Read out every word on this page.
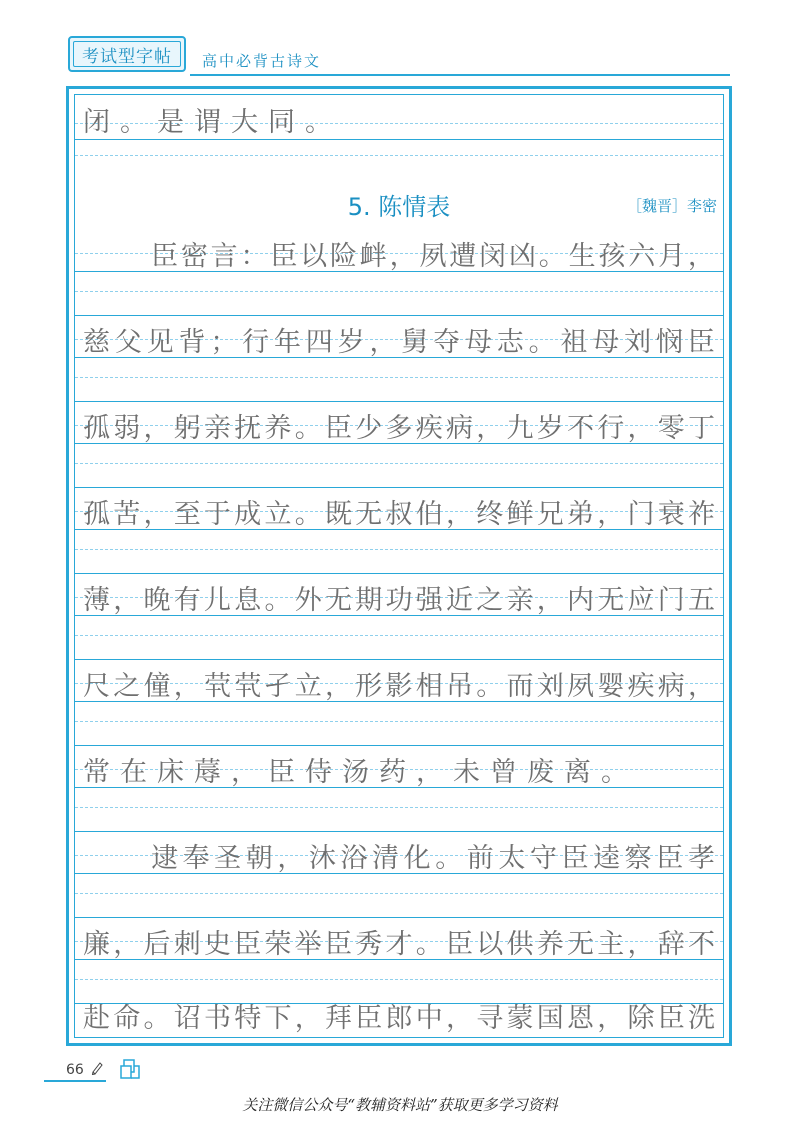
考试型字帖	高中必背古诗文
闭 。 是 谓 大 同 。
5. 陈情表	［魏晋］李密
臣 密 言 ： 臣 以 险 衅 ， 夙 遭 闵 凶 。 生 孩 六 月 ，
慈 父 见 背 ； 行 年 四 岁 ， 舅 夺 母 志 。 祖 母 刘 悯 臣
孤 弱 ， 躬 亲 抚 养 。 臣 少 多 疾 病 ， 九 岁 不 行 ， 零 丁
孤 苦 ， 至 于 成 立 。 既 无 叔 伯 ， 终 鲜 兄 弟 ， 门 衰 祚
薄 ， 晚 有 儿 息 。 外 无 期 功 强 近 之 亲 ， 内 无 应 门 五
尺 之 僮 ， 茕 茕 孑 立 ， 形 影 相 吊 。 而 刘 夙 婴 疾 病 ，
常 在 床 蓐 ， 臣 侍 汤 药 ， 未 曾 废 离 。
逮 奉 圣 朝 ， 沐 浴 清 化 。 前 太 守 臣 逵 察 臣 孝
廉 ， 后 刺 史 臣 荣 举 臣 秀 才 。 臣 以 供 养 无 主 ， 辞 不
赴 命 。 诏 书 特 下 ， 拜 臣 郎 中 ， 寻 蒙 国 恩 ， 除 臣 洗
66
关注微信公众号“教辅资料站”获取更多学习资料
